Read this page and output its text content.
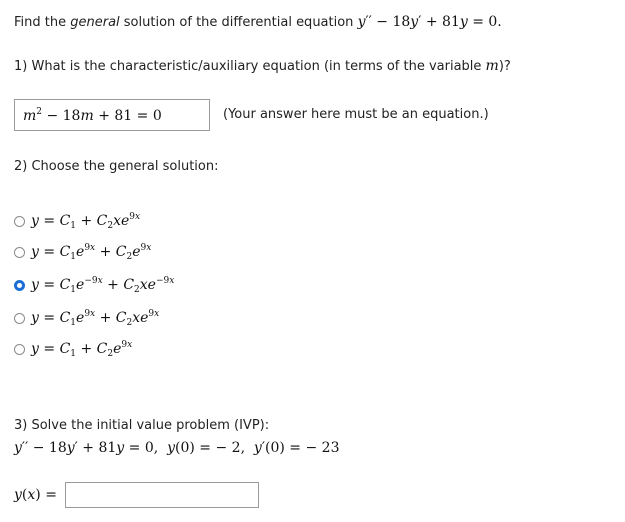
Find the general solution of the differential equation y′′ − 18y′ + 81y = 0.
1) What is the characteristic/auxiliary equation (in terms of the variable m)?
$m^2 - 18m + 81 = 0$	(Your answer here must be an equation.)
2) Choose the general solution:
$y = C_1 + C_2xe^{9x}$
$y = C_1e^{9x} + C_2e^{9x}$
$y = C_1e^{-9x} + C_2xe^{-9x}$
$y = C_1e^{9x} + C_2xe^{9x}$
$y = C_1 + C_2e^{9x}$
3) Solve the initial value problem (IVP):
y′′ − 18y′ + 81y = 0,  y(0) = − 2,  y′(0) = − 23
y(x) =
